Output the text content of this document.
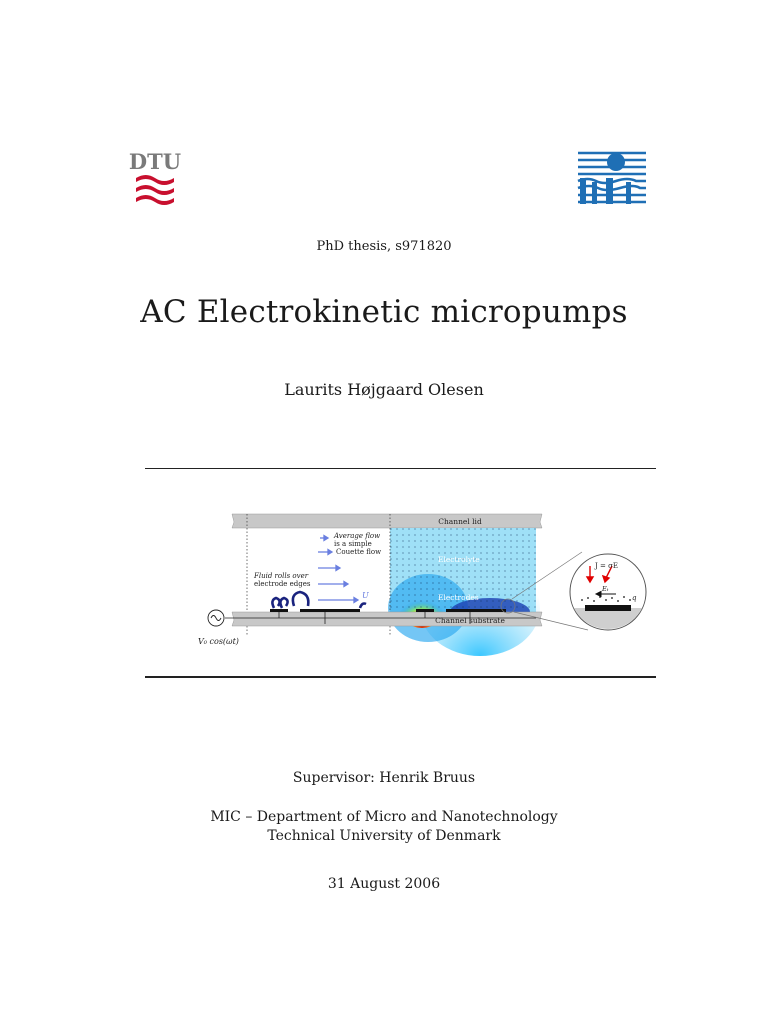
DTU
PhD thesis, s971820
AC Electrokinetic micropumps
Laurits Højgaard Olesen
Channel lid
Electrolyte
Electrodes
Channel substrate
V₀ cos(ωt)
Average flow
is a simple
Couette flow
Fluid rolls over
electrode edges
U
J = σE
Eₜ
q
Supervisor: Henrik Bruus
MIC – Department of Micro and Nanotechnology
Technical University of Denmark
31 August 2006
